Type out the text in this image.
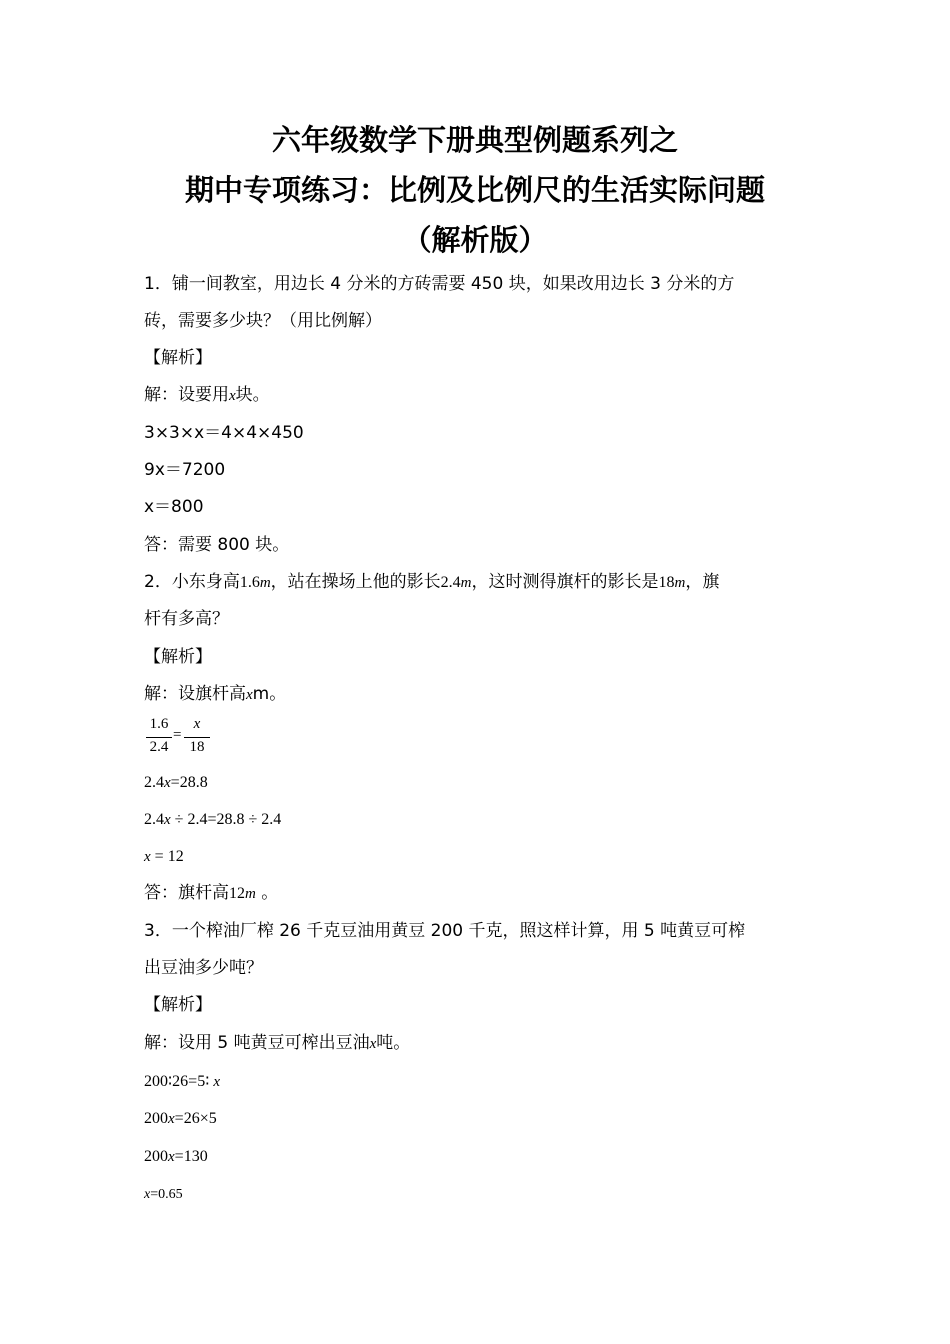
六年级数学下册典型例题系列之
期中专项练习：比例及比例尺的生活实际问题
（解析版）

1．铺一间教室，用边长 4 分米的方砖需要 450 块，如果改用边长 3 分米的方

砖，需要多少块？（用比例解）

【解析】

解：设要用x块。

3×3×x＝4×4×450

9x＝7200

x＝800

答：需要 800 块。

2．小东身高1.6m，站在操场上他的影长2.4m，这时测得旗杆的影长是18m，旗

杆有多高？

【解析】

解：设旗杆高xm。

1.6
2.4
=
x
18

2.4x=28.8

2.4x ÷ 2.4=28.8 ÷ 2.4

x = 12

答：旗杆高12m 。

3．一个榨油厂榨 26 千克豆油用黄豆 200 千克，照这样计算，用 5 吨黄豆可榨

出豆油多少吨？

【解析】

解：设用 5 吨黄豆可榨出豆油x吨。

200∶26=5∶ x

200x=26×5

200x=130

x=0.65
